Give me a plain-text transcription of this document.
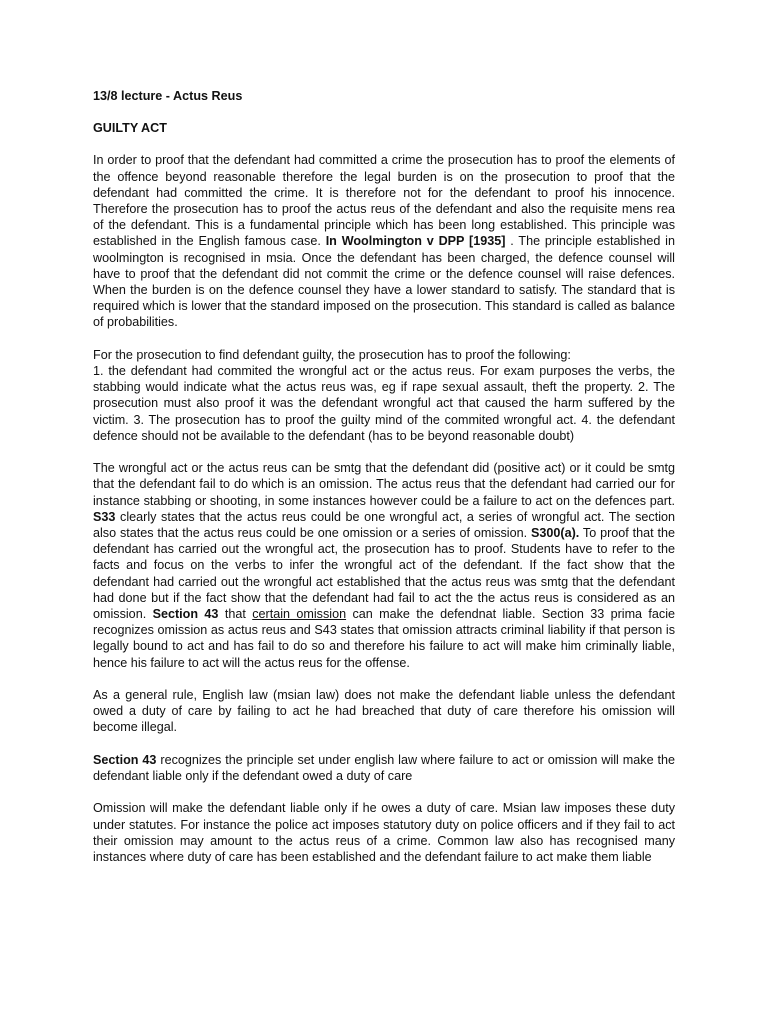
13/8 lecture - Actus Reus
GUILTY ACT

In order to proof that the defendant had committed a crime the prosecution has to proof the elements of the offence beyond reasonable therefore the legal burden is on the prosecution to proof that the defendant had committed the crime. It is therefore not for the defendant to proof his innocence. Therefore the prosecution has to proof the actus reus of the defendant and also the requisite mens rea of the defendant. This is a fundamental principle which has been long established. This principle was established in the English famous case. In Woolmington v DPP [1935] . The principle established in woolmington is recognised in msia. Once the defendant has been charged, the defence counsel will have to proof that the defendant did not commit the crime or the defence counsel will raise defences. When the burden is on the defence counsel they have a lower standard to satisfy. The standard that is required which is lower that the standard imposed on the prosecution. This standard is called as balance of probabilities.

For the prosecution to find defendant guilty, the prosecution has to proof the following:
1. the defendant had commited the wrongful act or the actus reus. For exam purposes the verbs, the stabbing would indicate what the actus reus was, eg if rape sexual assault, theft the property. 2. The prosecution must also proof it was the defendant wrongful act that caused the harm suffered by the victim. 3. The prosecution has to proof the guilty mind of the commited wrongful act. 4. the defendant defence should not be available to the defendant (has to be beyond reasonable doubt)

The wrongful act or the actus reus can be smtg that the defendant did (positive act) or it could be smtg that the defendant fail to do which is an omission. The actus reus that the defendant had carried our for instance stabbing or shooting, in some instances however could be a failure to act on the defences part. S33 clearly states that the actus reus could be one wrongful act, a series of wrongful act. The section also states that the actus reus could be one omission or a series of omission. S300(a). To proof that the defendant has carried out the wrongful act, the prosecution has to proof. Students have to refer to the facts and focus on the verbs to infer the wrongful act of the defendant. If the fact show that the defendant had carried out the wrongful act established that the actus reus was smtg that the defendant had done but if the fact show that the defendant had fail to act the the actus reus is considered as an omission. Section 43 that certain omission can make the defendnat liable. Section 33 prima facie recognizes omission as actus reus and S43 states that omission attracts criminal liability if that person is legally bound to act and has fail to do so and therefore his failure to act will make him criminally liable, hence his failure to act will the actus reus for the offense.

As a general rule, English law (msian law) does not make the defendant liable unless the defendant owed a duty of care by failing to act he had breached that duty of care therefore his omission will become illegal.

Section 43 recognizes the principle set under english law where failure to act or omission will make the defendant liable only if the defendant owed a duty of care

Omission will make the defendant liable only if he owes a duty of care. Msian law imposes these duty under statutes. For instance the police act imposes statutory duty on police officers and if they fail to act their omission may amount to the actus reus of a crime. Common law also has recognised many instances where duty of care has been established and the defendant failure to act make them liable
